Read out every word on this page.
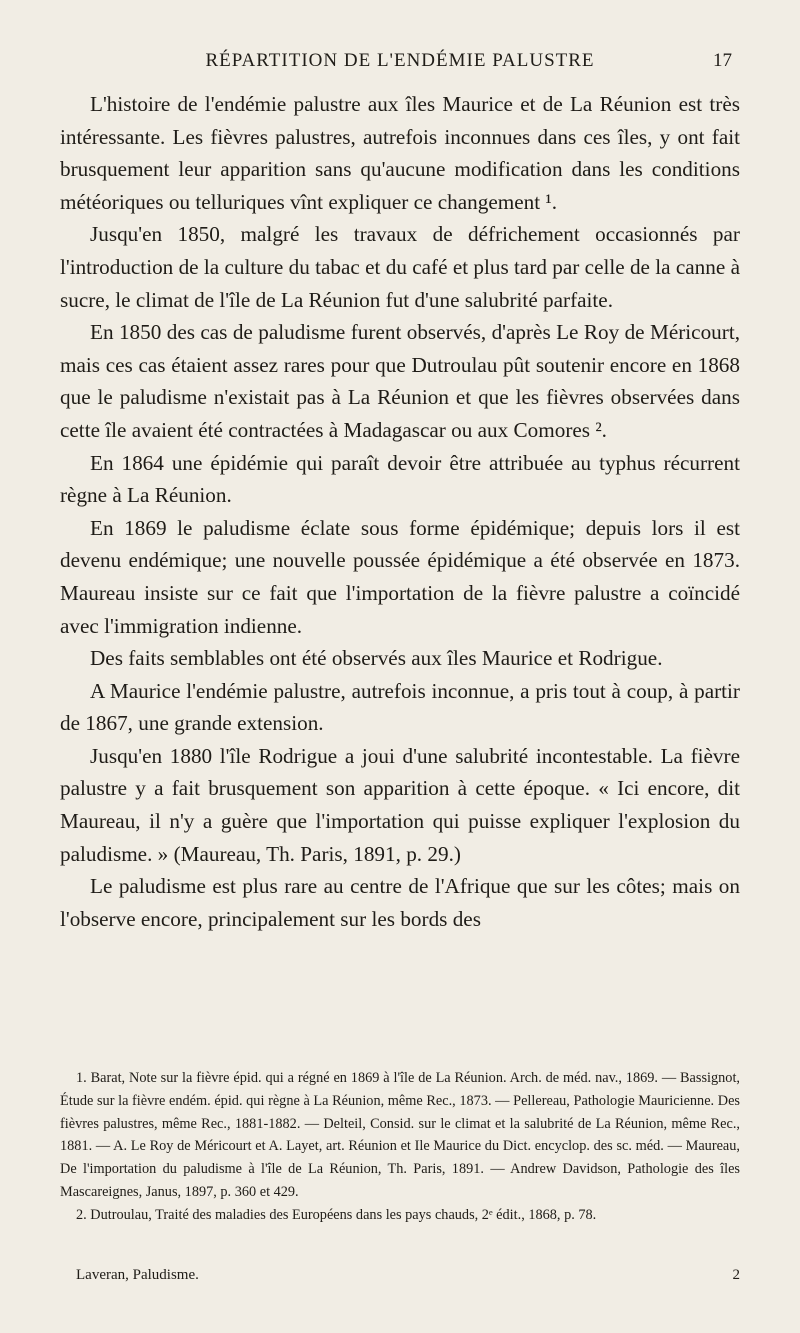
RÉPARTITION DE L'ENDÉMIE PALUSTRE	17

L'histoire de l'endémie palustre aux îles Maurice et de La Réunion est très intéressante. Les fièvres palustres, autrefois inconnues dans ces îles, y ont fait brusquement leur apparition sans qu'aucune modification dans les conditions météoriques ou telluriques vînt expliquer ce changement ¹.

Jusqu'en 1850, malgré les travaux de défrichement occasionnés par l'introduction de la culture du tabac et du café et plus tard par celle de la canne à sucre, le climat de l'île de La Réunion fut d'une salubrité parfaite.

En 1850 des cas de paludisme furent observés, d'après Le Roy de Méricourt, mais ces cas étaient assez rares pour que Dutroulau pût soutenir encore en 1868 que le paludisme n'existait pas à La Réunion et que les fièvres observées dans cette île avaient été contractées à Madagascar ou aux Comores ².

En 1864 une épidémie qui paraît devoir être attribuée au typhus récurrent règne à La Réunion.

En 1869 le paludisme éclate sous forme épidémique; depuis lors il est devenu endémique; une nouvelle poussée épidémique a été observée en 1873. Maureau insiste sur ce fait que l'importation de la fièvre palustre a coïncidé avec l'immigration indienne.

Des faits semblables ont été observés aux îles Maurice et Rodrigue.

A Maurice l'endémie palustre, autrefois inconnue, a pris tout à coup, à partir de 1867, une grande extension.

Jusqu'en 1880 l'île Rodrigue a joui d'une salubrité incontestable. La fièvre palustre y a fait brusquement son apparition à cette époque. « Ici encore, dit Maureau, il n'y a guère que l'importation qui puisse expliquer l'explosion du paludisme. » (Maureau, Th. Paris, 1891, p. 29.)

Le paludisme est plus rare au centre de l'Afrique que sur les côtes; mais on l'observe encore, principalement sur les bords des

1. Barat, Note sur la fièvre épid. qui a régné en 1869 à l'île de La Réunion. Arch. de méd. nav., 1869. — Bassignot, Étude sur la fièvre endém. épid. qui règne à La Réunion, même Rec., 1873. — Pellereau, Pathologie Mauricienne. Des fièvres palustres, même Rec., 1881-1882. — Delteil, Consid. sur le climat et la salubrité de La Réunion, même Rec., 1881. — A. Le Roy de Méricourt et A. Layet, art. Réunion et Ile Maurice du Dict. encyclop. des sc. méd. — Maureau, De l'importation du paludisme à l'île de La Réunion, Th. Paris, 1891. — Andrew Davidson, Pathologie des îles Mascareignes, Janus, 1897, p. 360 et 429.

2. Dutroulau, Traité des maladies des Européens dans les pays chauds, 2ᵉ édit., 1868, p. 78.

Laveran, Paludisme.	2
